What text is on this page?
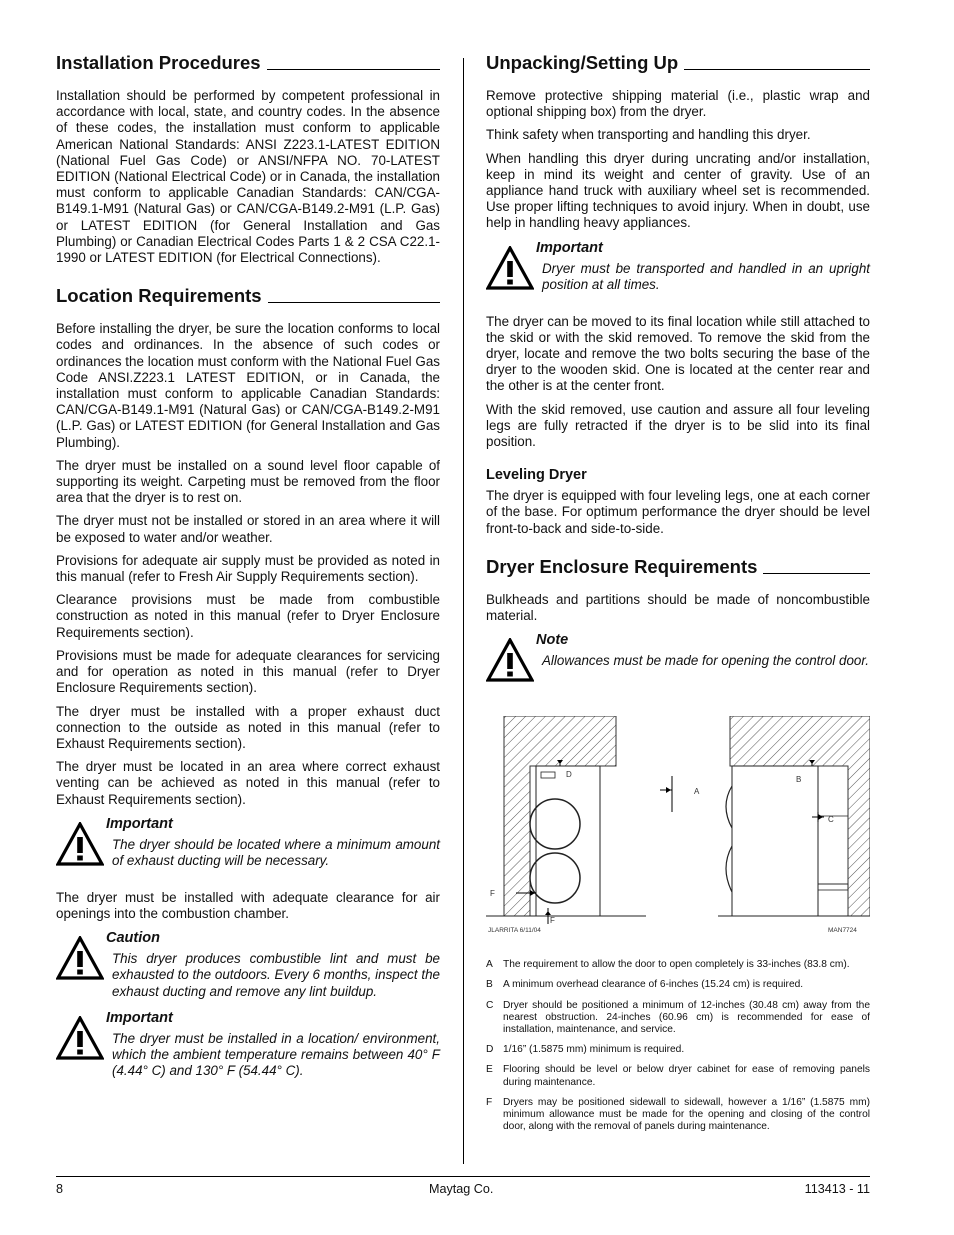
Installation Procedures

Installation should be performed by competent professional in accordance with local, state, and country codes. In the absence of these codes, the installation must conform to applicable American National Standards: ANSI Z223.1-LATEST EDITION (National Fuel Gas Code) or ANSI/NFPA NO. 70-LATEST EDITION (National Electrical Code) or in Canada, the installation must conform to applicable Canadian Standards: CAN/CGA-B149.1-M91 (Natural Gas) or CAN/CGA-B149.2-M91 (L.P. Gas) or LATEST EDITION (for General Installation and Gas Plumbing) or Canadian Electrical Codes Parts 1 & 2 CSA C22.1-1990 or LATEST EDITION (for Electrical Connections).

Location Requirements

Before installing the dryer, be sure the location conforms to local codes and ordinances. In the absence of such codes or ordinances the location must conform with the National Fuel Gas Code ANSI.Z223.1 LATEST EDITION, or in Canada, the installation must conform to applicable Canadian Standards: CAN/CGA-B149.1-M91 (Natural Gas) or CAN/CGA-B149.2-M91 (L.P. Gas) or LATEST EDITION (for General Installation and Gas Plumbing).

The dryer must be installed on a sound level floor capable of supporting its weight. Carpeting must be removed from the floor area that the dryer is to rest on.

The dryer must not be installed or stored in an area where it will be exposed to water and/or weather.

Provisions for adequate air supply must be provided as noted in this manual (refer to Fresh Air Supply Requirements section).

Clearance provisions must be made from combustible construction as noted in this manual (refer to Dryer Enclosure Requirements section).

Provisions must be made for adequate clearances for servicing and for operation as noted in this manual (refer to Dryer Enclosure Requirements section).

The dryer must be installed with a proper exhaust duct connection to the outside as noted in this manual (refer to Exhaust Requirements section).

The dryer must be located in an area where correct exhaust venting can be achieved as noted in this manual (refer to Exhaust Requirements section).

Important

The dryer should be located where a minimum amount of exhaust ducting will be necessary.

The dryer must be installed with adequate clearance for air openings into the combustion chamber.

Caution

This dryer produces combustible lint and must be exhausted to the outdoors. Every 6 months, inspect the exhaust ducting and remove any lint buildup.

Important

The dryer must be installed in a location/ environment, which the ambient temperature remains between 40° F (4.44° C) and 130° F (54.44° C).

Unpacking/Setting Up

Remove protective shipping material (i.e., plastic wrap and optional shipping box) from the dryer.

Think safety when transporting and handling this dryer.

When handling this dryer during uncrating and/or installation, keep in mind its weight and center of gravity. Use of an appliance hand truck with auxiliary wheel set is recommended. Use proper lifting techniques to avoid injury. When in doubt, use help in handling heavy appliances.

Important

Dryer must be transported and handled in an upright position at all times.

The dryer can be moved to its final location while still attached to the skid or with the skid removed. To remove the skid from the dryer, locate and remove the two bolts securing the base of the dryer to the wooden skid. One is located at the center rear and the other is at the center front.

With the skid removed, use caution and assure all four leveling legs are fully retracted if the dryer is to be slid into its final position.

Leveling Dryer

The dryer is equipped with four leveling legs, one at each corner of the base. For optimum performance the dryer should be level front-to-back and side-to-side.

Dryer Enclosure Requirements

Bulkheads and partitions should be made of noncombustible material.

Note

Allowances must be made for opening the control door.

D
F
F
A
B
C
JLARRITA 6/11/04	MAN7724
A	The requirement to allow the door to open completely is 33-inches (83.8 cm).
B	A minimum overhead clearance of 6-inches (15.24 cm) is required.
C Dryer should be positioned a minimum of 12-inches (30.48 cm) away from the nearest obstruction. 24-inches (60.96 cm) is recommended for ease of installation, maintenance, and service.
D 1/16” (1.5875 mm) minimum is required.
E	Flooring should be level or below dryer cabinet for ease of removing panels during maintenance.
F	Dryers may be positioned sidewall to sidewall, however a 1/16” (1.5875 mm) minimum allowance must be made for the opening and closing of the control door, along with the removal of panels during maintenance.
8	Maytag Co.	113413 - 11
